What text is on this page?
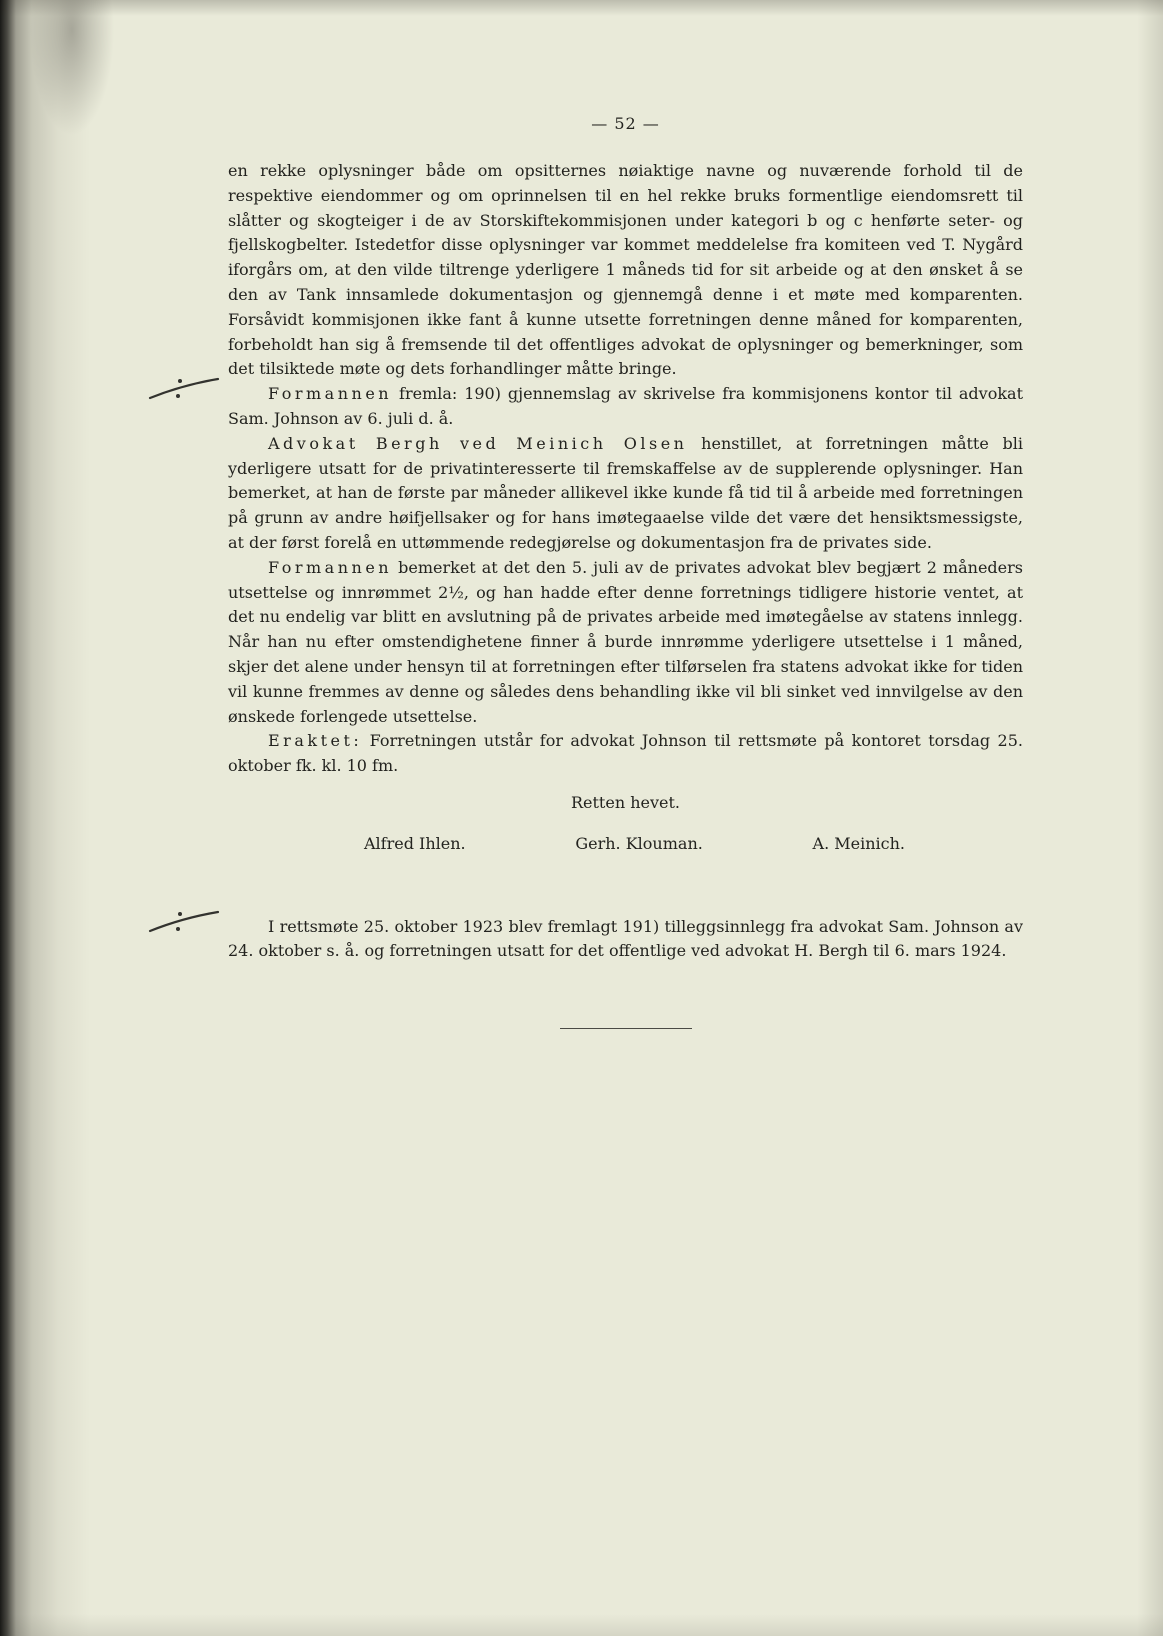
— 52 —

en rekke oplysninger både om opsitternes nøiaktige navne og nuværende forhold til de respektive eiendommer og om oprinnelsen til en hel rekke bruks formentlige eiendomsrett til slåtter og skogteiger i de av Storskiftekommisjonen under kategori b og c henførte seter- og fjellskogbelter. Istedetfor disse oplysninger var kommet meddelelse fra komiteen ved T. Nygård iforgårs om, at den vilde tiltrenge yderligere 1 måneds tid for sit arbeide og at den ønsket å se den av Tank innsamlede dokumentasjon og gjennemgå denne i et møte med komparenten. Forsåvidt kommisjonen ikke fant å kunne utsette forretningen denne måned for komparenten, forbeholdt han sig å fremsende til det offentliges advokat de oplysninger og bemerkninger, som det tilsiktede møte og dets forhandlinger måtte bringe.

Formannen fremla: 190) gjennemslag av skrivelse fra kommisjonens kontor til advokat Sam. Johnson av 6. juli d. å.

Advokat Bergh ved Meinich Olsen henstillet, at forretningen måtte bli yderligere utsatt for de privatinteresserte til fremskaffelse av de supplerende oplysninger. Han bemerket, at han de første par måneder allikevel ikke kunde få tid til å arbeide med forretningen på grunn av andre høifjellsaker og for hans imøtegaaelse vilde det være det hensiktsmessigste, at der først forelå en uttømmende redegjørelse og dokumentasjon fra de privates side.

Formannen bemerket at det den 5. juli av de privates advokat blev begjært 2 måneders utsettelse og innrømmet 2½, og han hadde efter denne forretnings tidligere historie ventet, at det nu endelig var blitt en avslutning på de privates arbeide med imøtegåelse av statens innlegg. Når han nu efter omstendighetene finner å burde innrømme yderligere utsettelse i 1 måned, skjer det alene under hensyn til at forretningen efter tilførselen fra statens advokat ikke for tiden vil kunne fremmes av denne og således dens behandling ikke vil bli sinket ved innvilgelse av den ønskede forlengede utsettelse.

Eraktet: Forretningen utstår for advokat Johnson til rettsmøte på kontoret torsdag 25. oktober fk. kl. 10 fm.

Retten hevet.
Alfred Ihlen.	Gerh. Klouman.	A. Meinich.

I rettsmøte 25. oktober 1923 blev fremlagt 191) tilleggsinnlegg fra advokat Sam. Johnson av 24. oktober s. å. og forretningen utsatt for det offentlige ved advokat H. Bergh til 6. mars 1924.
